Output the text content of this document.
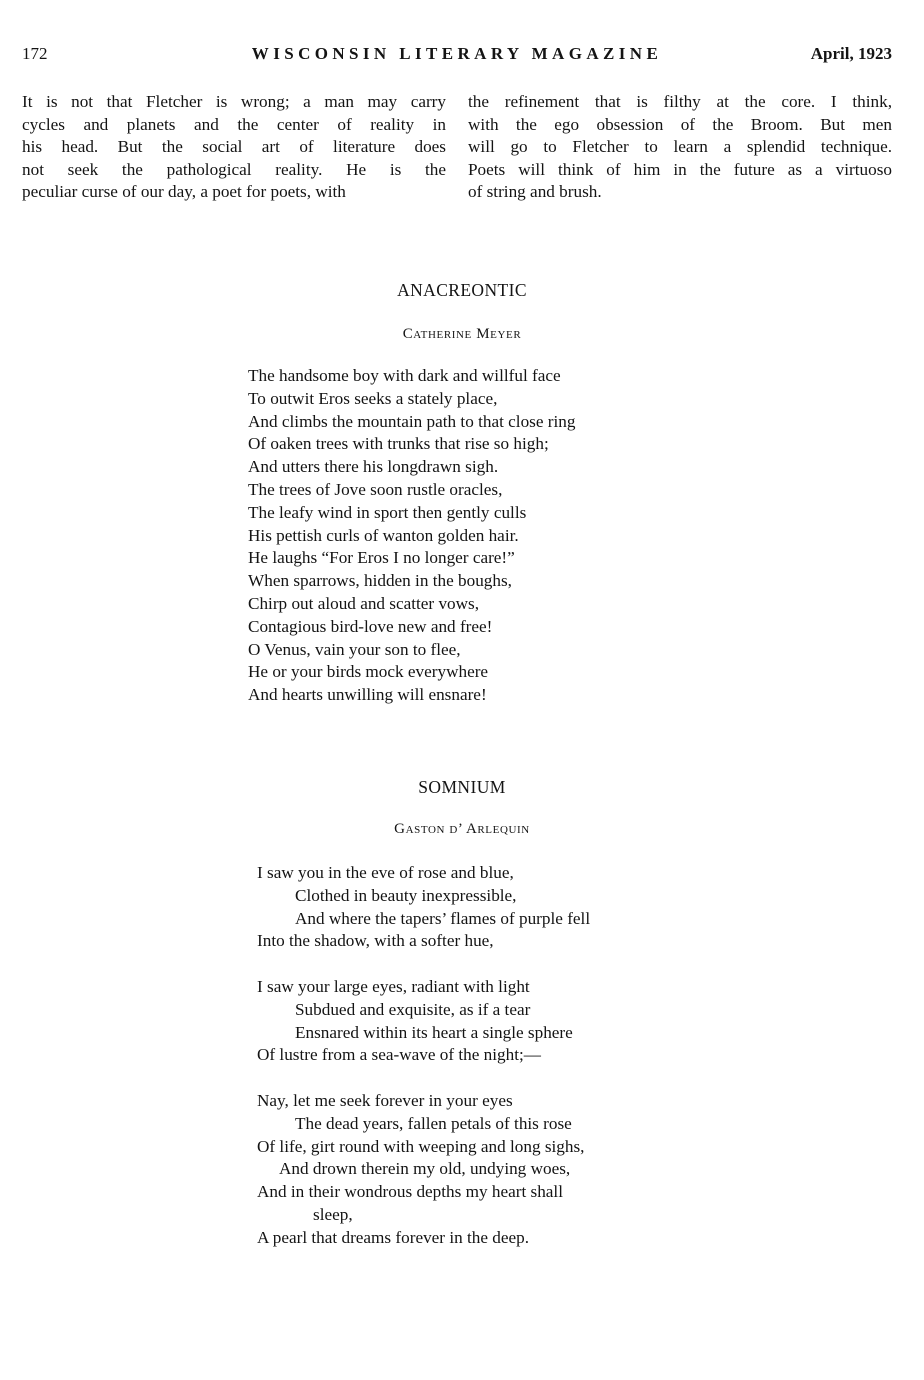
172	WISCONSIN LITERARY MAGAZINE	April, 1923
It is not that Fletcher is wrong; a man may carry
cycles and planets and the center of reality in
his head. But the social art of literature does
not seek the pathological reality. He is the
peculiar curse of our day, a poet for poets, with
the refinement that is filthy at the core. I think,
with the ego obsession of the Broom. But men
will go to Fletcher to learn a splendid technique.
Poets will think of him in the future as a virtuoso
of string and brush.
ANACREONTIC
Catherine Meyer
The handsome boy with dark and willful face
To outwit Eros seeks a stately place,
And climbs the mountain path to that close ring
Of oaken trees with trunks that rise so high;
And utters there his longdrawn sigh.
The trees of Jove soon rustle oracles,
The leafy wind in sport then gently culls
His pettish curls of wanton golden hair.
He laughs “For Eros I no longer care!”
When sparrows, hidden in the boughs,
Chirp out aloud and scatter vows,
Contagious bird-love new and free!
O Venus, vain your son to flee,
He or your birds mock everywhere
And hearts unwilling will ensnare!
SOMNIUM
Gaston d’ Arlequin
I saw you in the eve of rose and blue,
Clothed in beauty inexpressible,
And where the tapers’ flames of purple fell
Into the shadow, with a softer hue,
I saw your large eyes, radiant with light
Subdued and exquisite, as if a tear
Ensnared within its heart a single sphere
Of lustre from a sea-wave of the night;—
Nay, let me seek forever in your eyes
The dead years, fallen petals of this rose
Of life, girt round with weeping and long sighs,
And drown therein my old, undying woes,
And in their wondrous depths my heart shall
sleep,
A pearl that dreams forever in the deep.
